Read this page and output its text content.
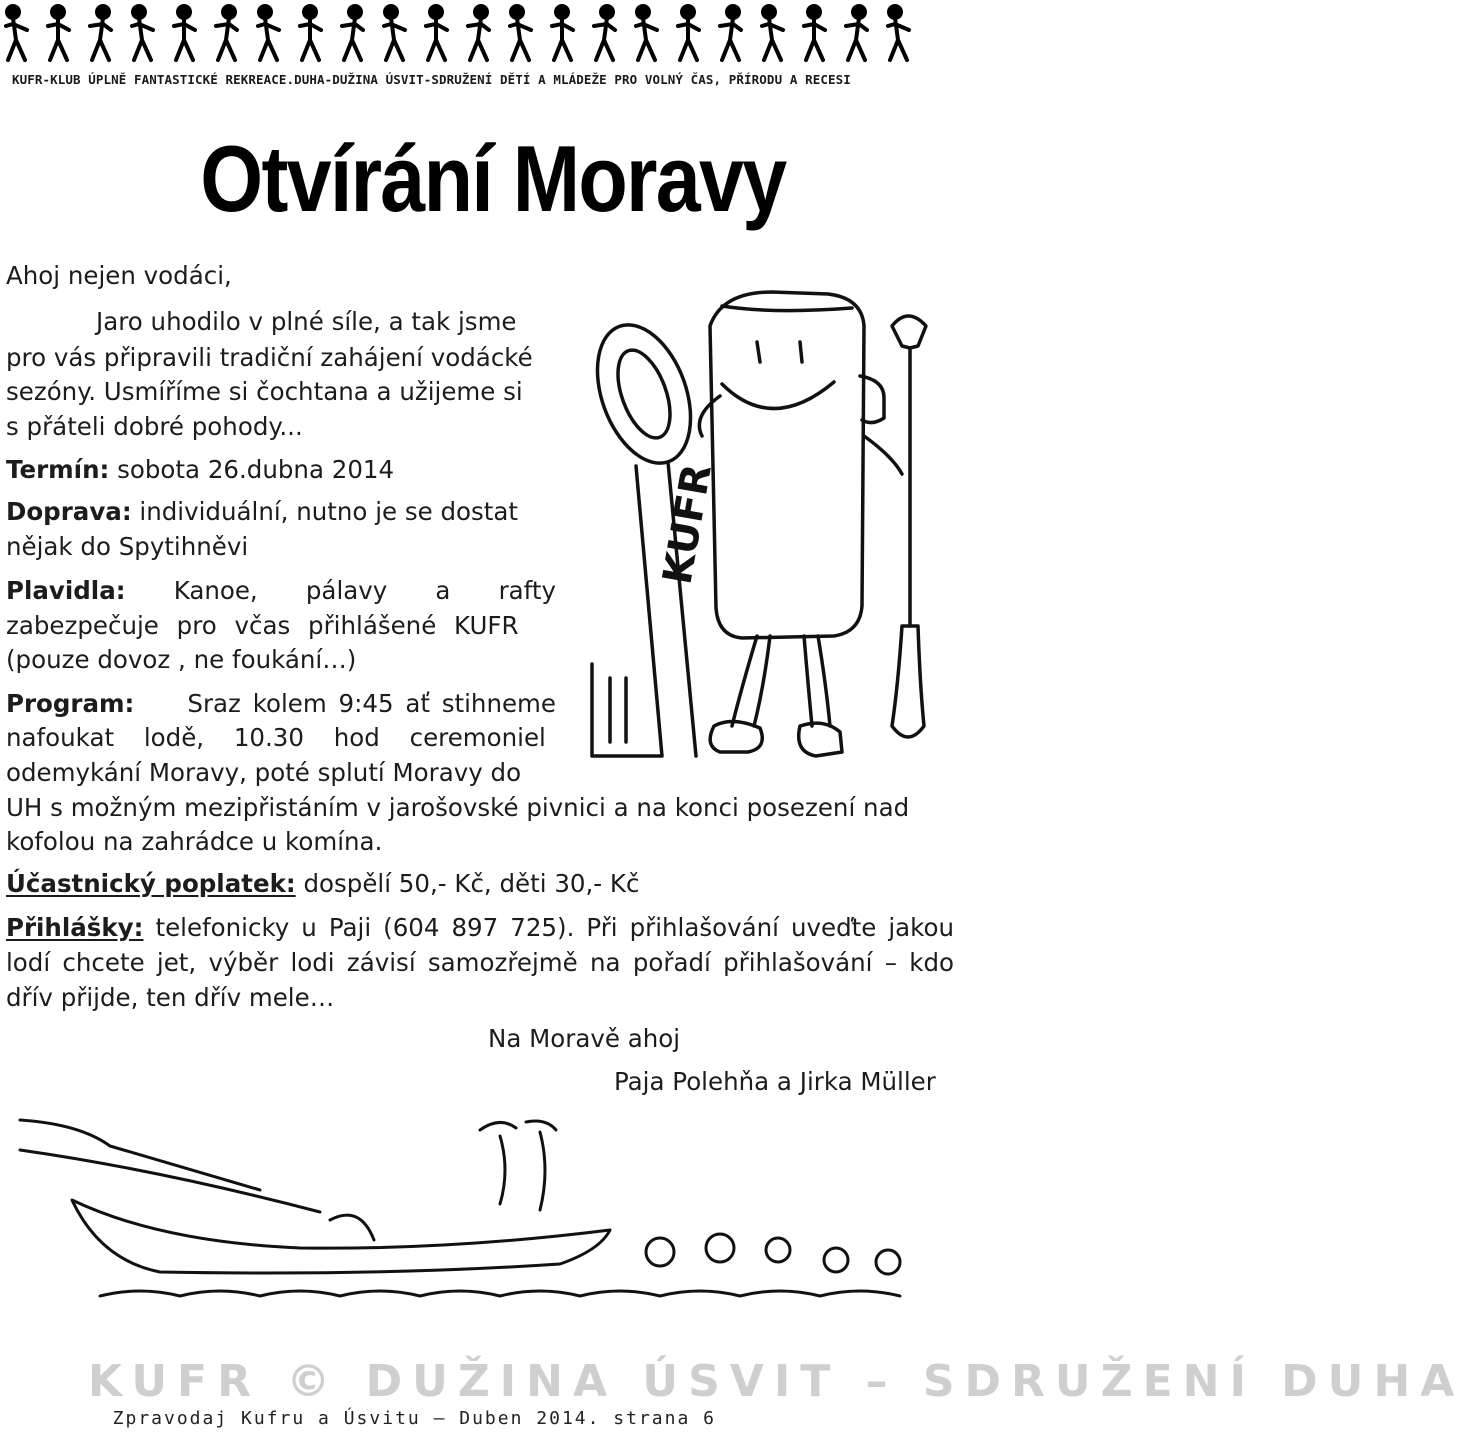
KUFR-KLUB ÚPLNĚ FANTASTICKÉ REKREACE.DUHA-DUŽINA ÚSVIT-SDRUŽENÍ DĚTÍ A MLÁDEŽE PRO VOLNÝ ČAS, PŘÍRODU A RECESI
Otvírání Moravy
Ahoj nejen vodáci,
Jaro uhodilo v plné síle, a tak jsme
pro vás připravili tradiční zahájení vodácké
sezóny. Usmíříme si čochtana a užijeme si
s přáteli dobré pohody...
Termín: sobota 26.dubna 2014
Doprava: individuální, nutno je se dostat
nějak do Spytihněvi
Plavidla: Kanoe, pálavy a rafty
zabezpečuje pro včas přihlášené KUFR
(pouze dovoz , ne foukání…)
Program: Sraz kolem 9:45 ať stihneme
nafoukat lodě, 10.30 hod ceremoniel
odemykání Moravy, poté splutí Moravy do
UH s možným mezipřistáním v jarošovské pivnici a na konci posezení nad
kofolou na zahrádce u komína.
Účastnický poplatek: dospělí 50,- Kč, děti 30,- Kč
Přihlášky: telefonicky u Paji (604 897 725). Při přihlašování uveďte jakou lodí chcete jet, výběr lodi závisí samozřejmě na pořadí přihlašování – kdo dřív přijde, ten dřív mele…
Na Moravě ahoj
Paja Polehňa a Jirka Müller
KUFR
KUFR © DUŽINA ÚSVIT – SDRUŽENÍ DUHA
Zpravodaj Kufru a Úsvitu – Duben 2014. strana 6
